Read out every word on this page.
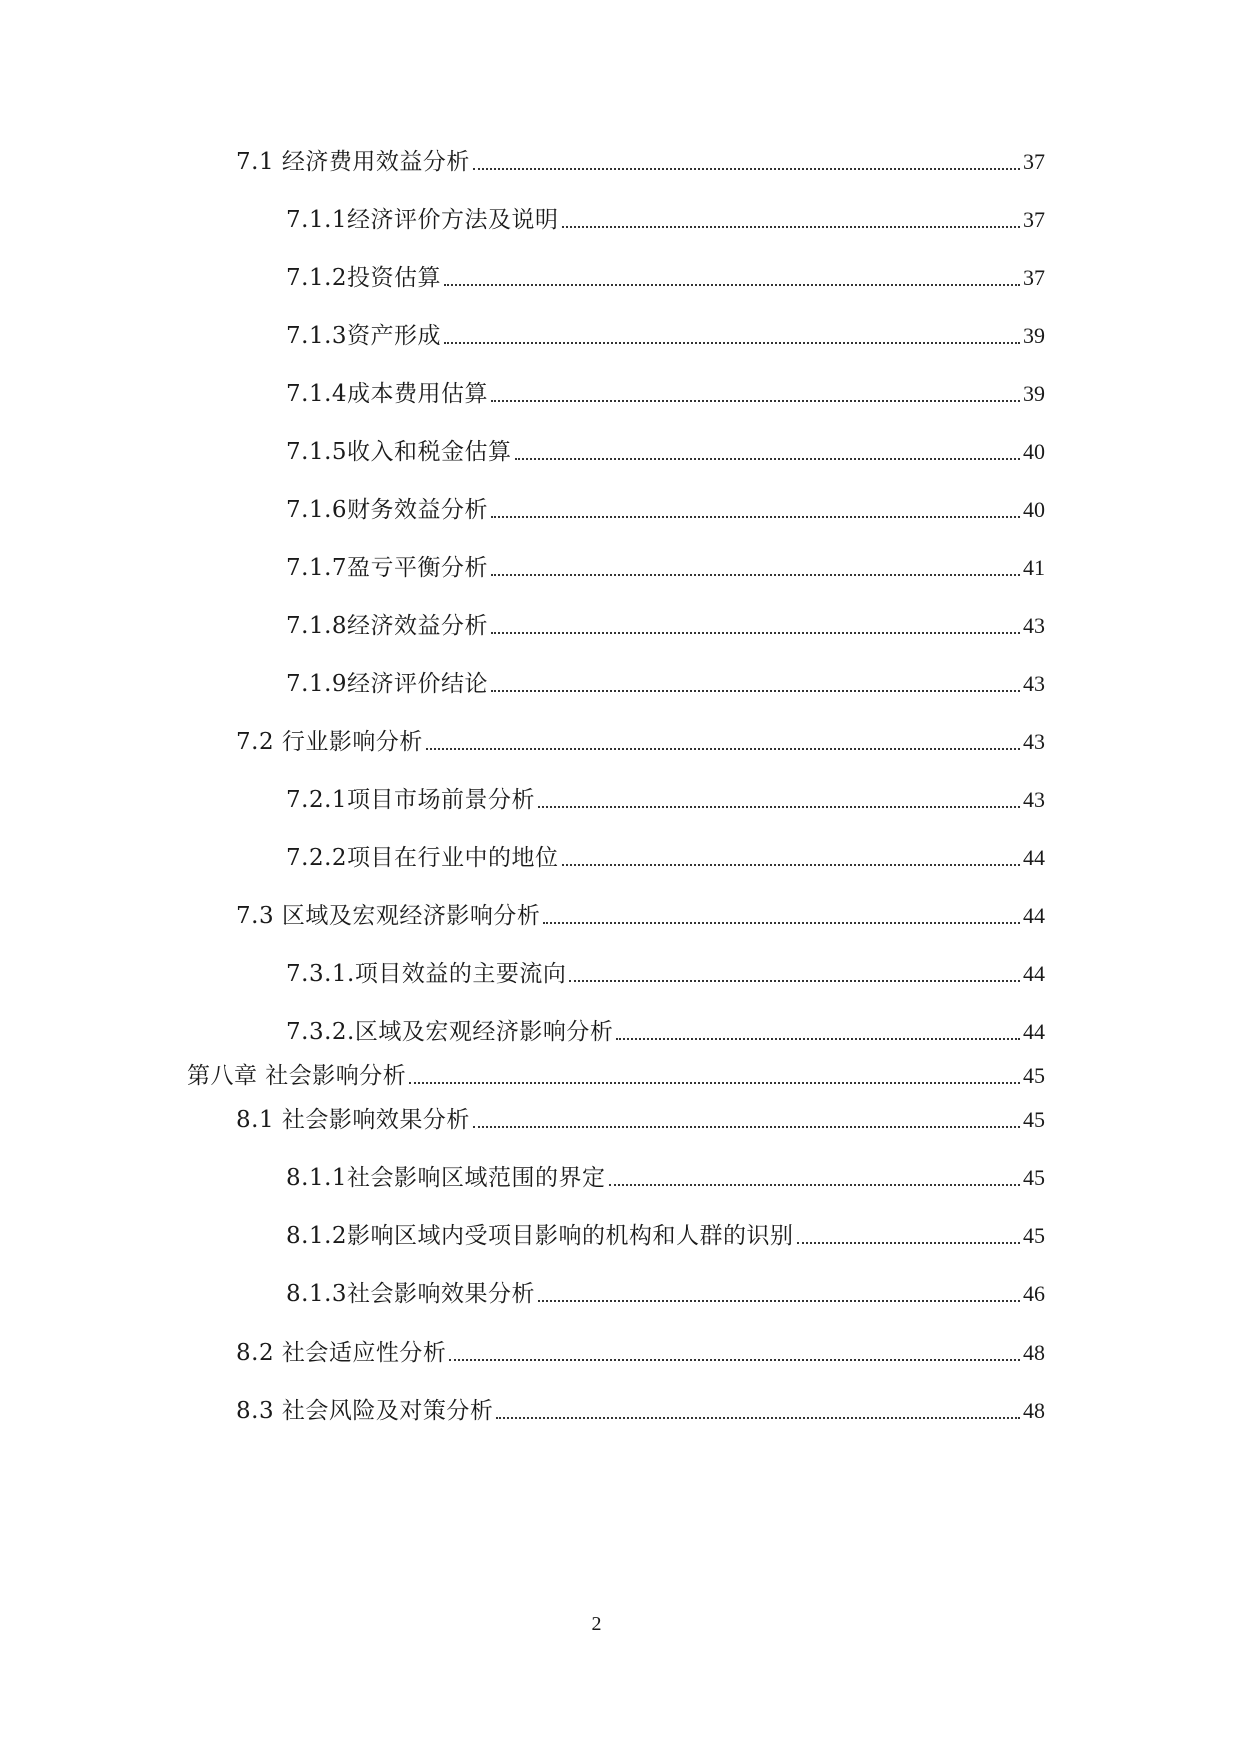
7.1 经济费用效益分析	37
7.1.1经济评价方法及说明	37
7.1.2投资估算	37
7.1.3资产形成	39
7.1.4成本费用估算	39
7.1.5收入和税金估算	40
7.1.6财务效益分析	40
7.1.7盈亏平衡分析	41
7.1.8经济效益分析	43
7.1.9经济评价结论	43
7.2 行业影响分析	43
7.2.1项目市场前景分析	43
7.2.2项目在行业中的地位	44
7.3 区域及宏观经济影响分析	44
7.3.1.项目效益的主要流向	44
7.3.2.区域及宏观经济影响分析	44
第八章 社会影响分析	45
8.1 社会影响效果分析	45
8.1.1社会影响区域范围的界定	45
8.1.2影响区域内受项目影响的机构和人群的识别	45
8.1.3社会影响效果分析	46
8.2 社会适应性分析	48
8.3 社会风险及对策分析	48
2
